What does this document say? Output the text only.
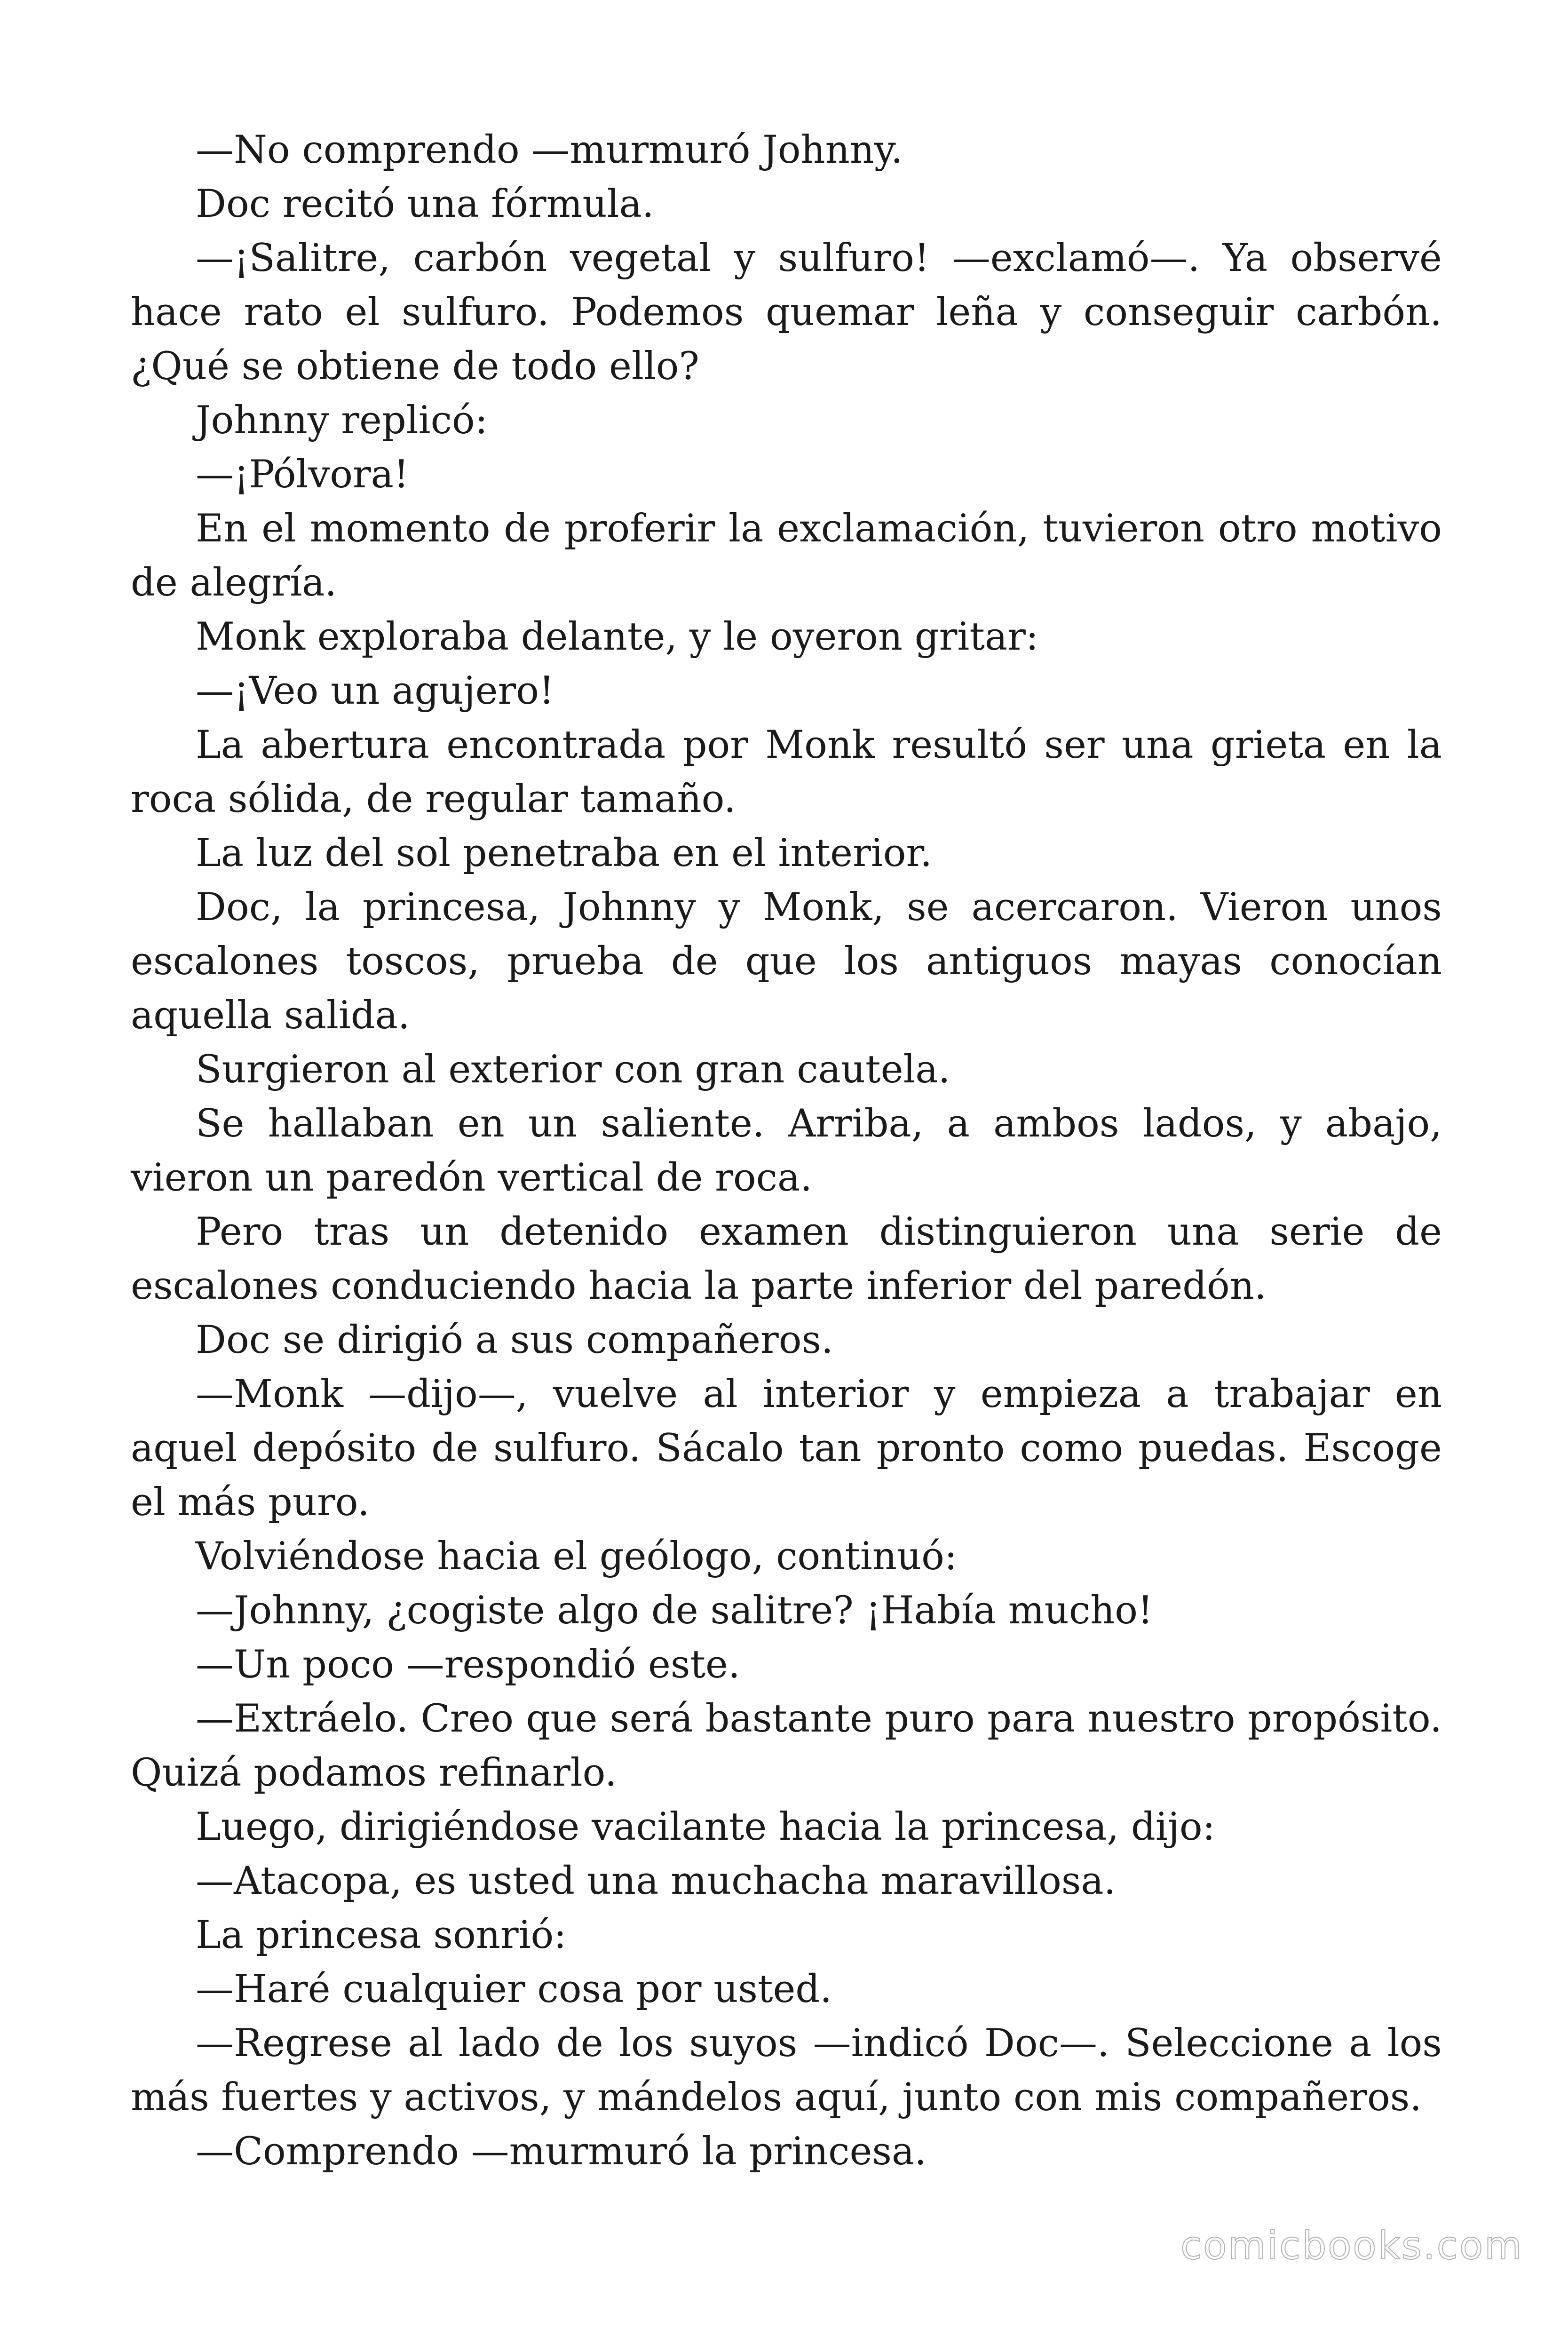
—No comprendo —murmuró Johnny.

Doc recitó una fórmula.

—¡Salitre, carbón vegetal y sulfuro! —exclamó—. Ya observé hace rato el sulfuro. Podemos quemar leña y conseguir carbón. ¿Qué se obtiene de todo ello?

Johnny replicó:

—¡Pólvora!

En el momento de proferir la exclamación, tuvieron otro motivo de alegría.

Monk exploraba delante, y le oyeron gritar:

—¡Veo un agujero!

La abertura encontrada por Monk resultó ser una grieta en la roca sólida, de regular tamaño.

La luz del sol penetraba en el interior.

Doc, la princesa, Johnny y Monk, se acercaron. Vieron unos escalones toscos, prueba de que los antiguos mayas conocían aquella salida.

Surgieron al exterior con gran cautela.

Se hallaban en un saliente. Arriba, a ambos lados, y abajo, vieron un paredón vertical de roca.

Pero tras un detenido examen distinguieron una serie de escalones conduciendo hacia la parte inferior del paredón.

Doc se dirigió a sus compañeros.

—Monk —dijo—, vuelve al interior y empieza a trabajar en aquel depósito de sulfuro. Sácalo tan pronto como puedas. Escoge el más puro.

Volviéndose hacia el geólogo, continuó:

—Johnny, ¿cogiste algo de salitre? ¡Había mucho!

—Un poco —respondió este.

—Extráelo. Creo que será bastante puro para nuestro propósito. Quizá podamos refinarlo.

Luego, dirigiéndose vacilante hacia la princesa, dijo:

—Atacopa, es usted una muchacha maravillosa.

La princesa sonrió:

—Haré cualquier cosa por usted.

—Regrese al lado de los suyos —indicó Doc—. Seleccione a los más fuertes y activos, y mándelos aquí, junto con mis compañeros.

—Comprendo —murmuró la princesa.

comicbooks.com
